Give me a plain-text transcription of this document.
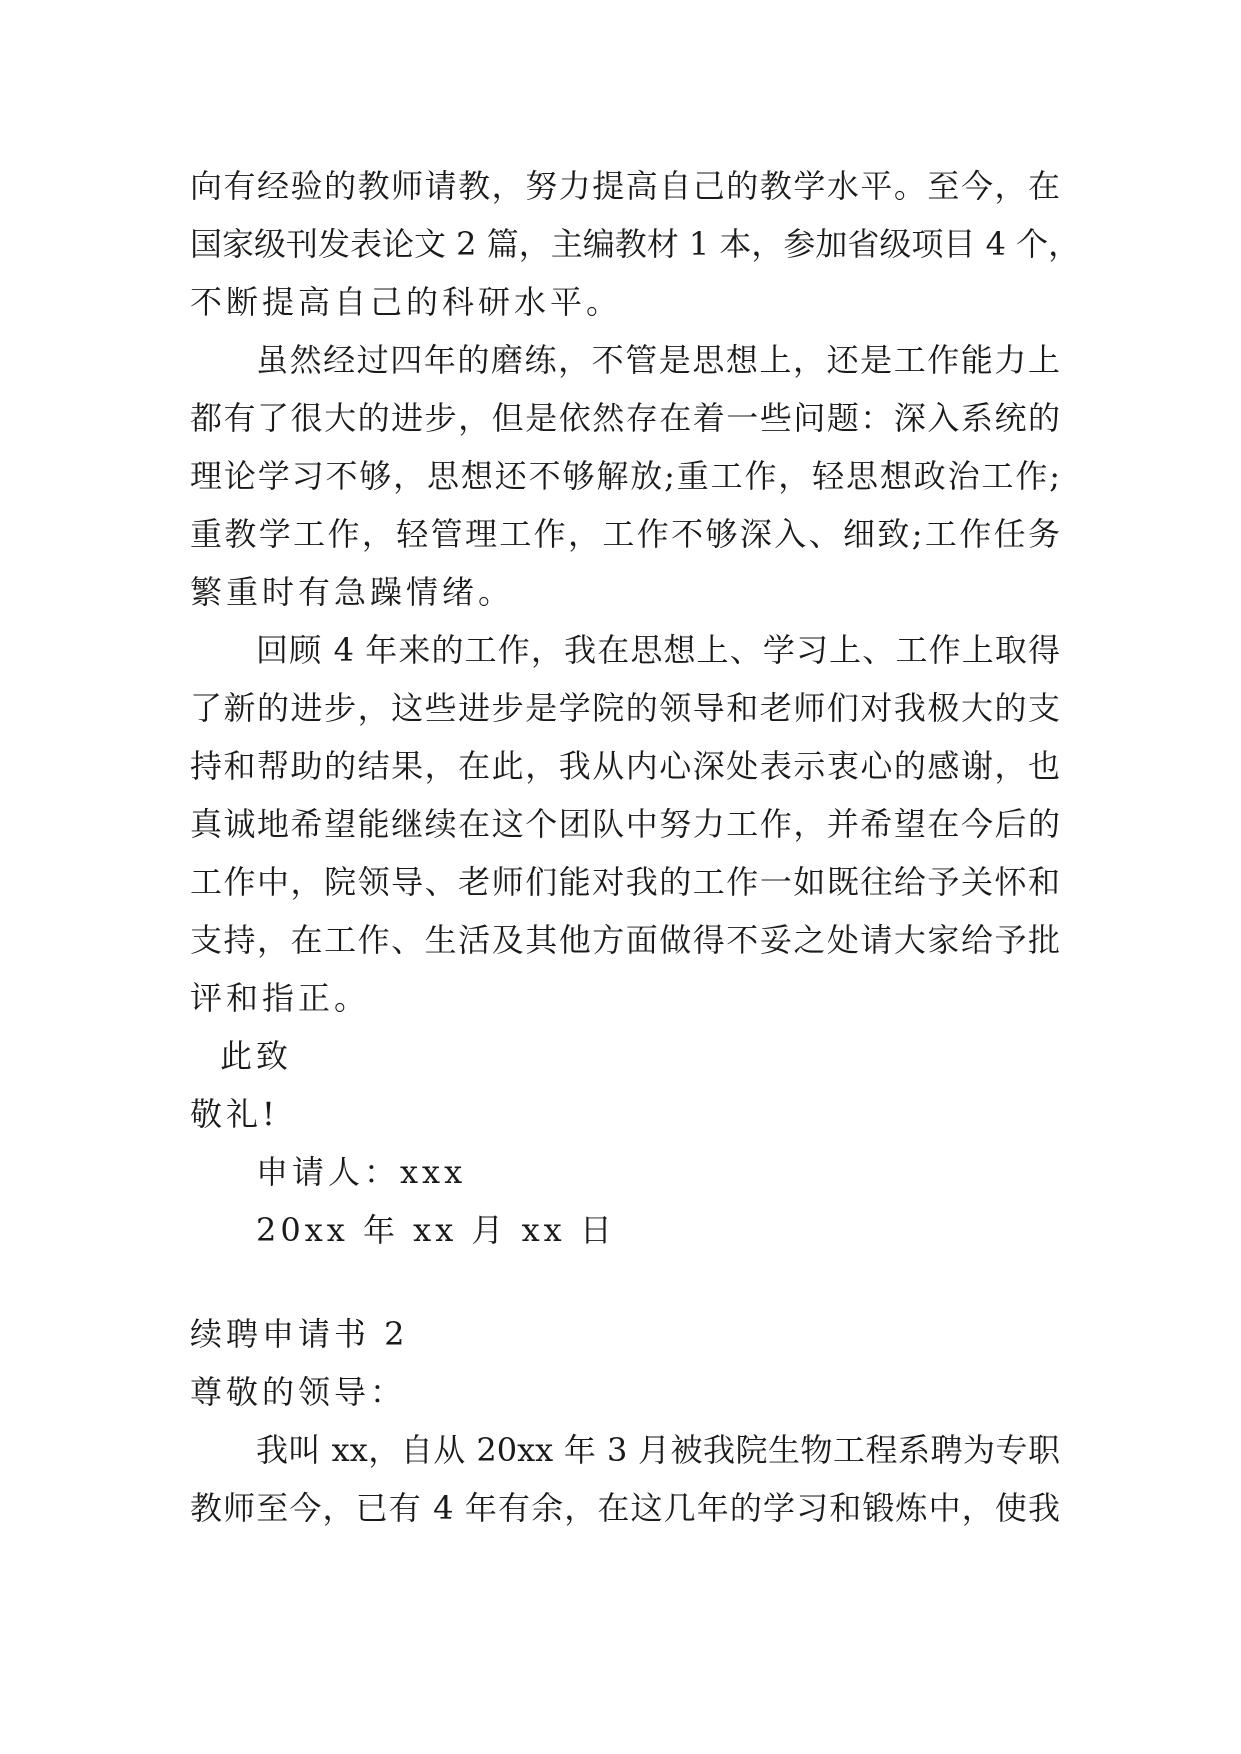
向有经验的教师请教，努力提高自己的教学水平。至今，在
国家级刊发表论文 2 篇，主编教材 1 本，参加省级项目 4 个，
不断提高自己的科研水平。
虽然经过四年的磨练，不管是思想上，还是工作能力上
都有了很大的进步，但是依然存在着一些问题：深入系统的
理论学习不够，思想还不够解放;重工作，轻思想政治工作;
重教学工作，轻管理工作，工作不够深入、细致;工作任务
繁重时有急躁情绪。
回顾 4 年来的工作，我在思想上、学习上、工作上取得
了新的进步，这些进步是学院的领导和老师们对我极大的支
持和帮助的结果，在此，我从内心深处表示衷心的感谢，也
真诚地希望能继续在这个团队中努力工作，并希望在今后的
工作中，院领导、老师们能对我的工作一如既往给予关怀和
支持，在工作、生活及其他方面做得不妥之处请大家给予批
评和指正。
此致
敬礼!
申请人：xxx
20xx 年 xx 月 xx 日
续聘申请书 2
尊敬的领导：
我叫 xx，自从 20xx 年 3 月被我院生物工程系聘为专职
教师至今，已有 4 年有余，在这几年的学习和锻炼中，使我
